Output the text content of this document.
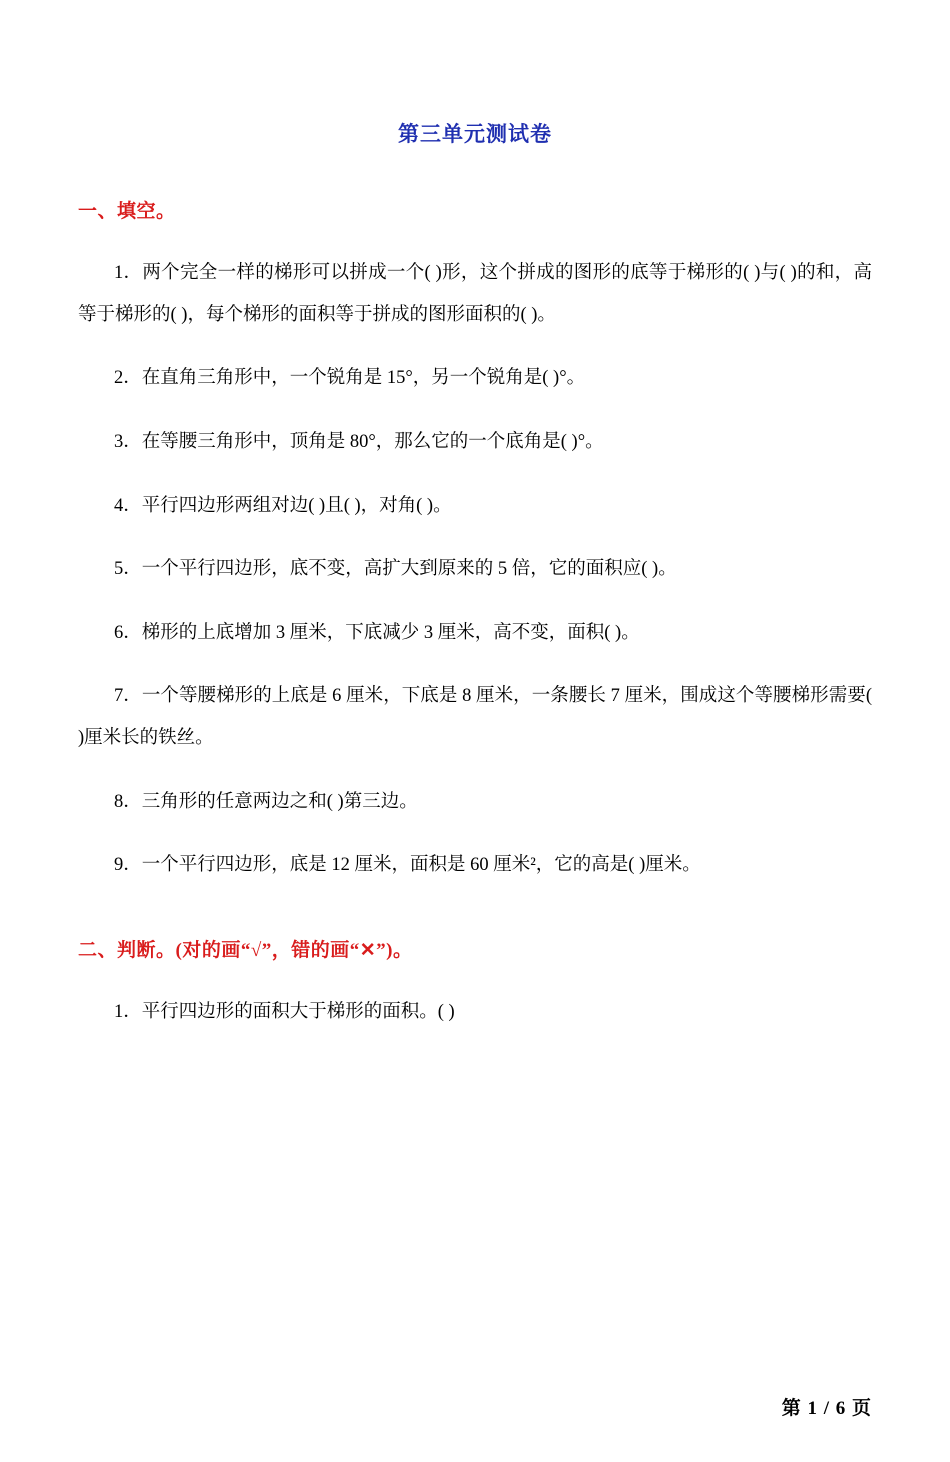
第三单元测试卷
一、填空。
1．两个完全一样的梯形可以拼成一个( )形，这个拼成的图形的底等于梯形的( )与( )的和，高等于梯形的( )，每个梯形的面积等于拼成的图形面积的( )。
2．在直角三角形中，一个锐角是 15°，另一个锐角是( )°。
3．在等腰三角形中，顶角是 80°，那么它的一个底角是( )°。
4．平行四边形两组对边( )且( )，对角( )。
5．一个平行四边形，底不变，高扩大到原来的 5 倍，它的面积应( )。
6．梯形的上底增加 3 厘米，下底减少 3 厘米，高不变，面积( )。
7．一个等腰梯形的上底是 6 厘米，下底是 8 厘米，一条腰长 7 厘米，围成这个等腰梯形需要( )厘米长的铁丝。
8．三角形的任意两边之和( )第三边。
9．一个平行四边形，底是 12 厘米，面积是 60 厘米²，它的高是( )厘米。
二、判断。(对的画“√”，错的画“✕”)。
1．平行四边形的面积大于梯形的面积。( )
第 1 / 6 页
